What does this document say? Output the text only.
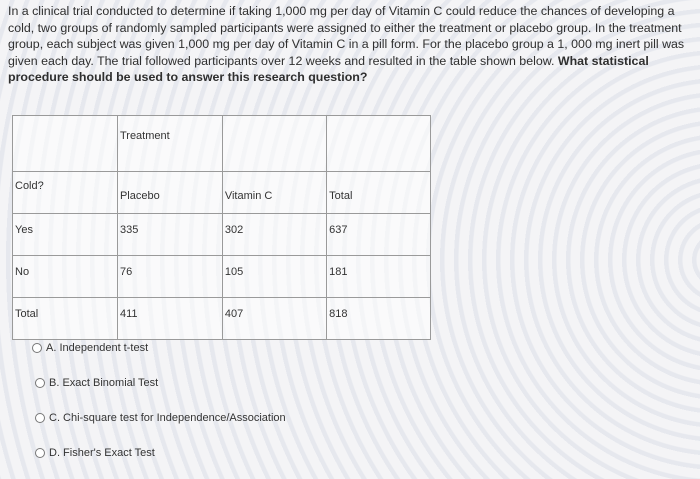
In a clinical trial conducted to determine if taking 1,000 mg per day of Vitamin C could reduce the chances of developing a cold, two groups of randomly sampled participants were assigned to either the treatment or placebo group. In the treatment group, each subject was given 1,000 mg per day of Vitamin C in a pill form. For the placebo group a 1, 000 mg inert pill was given each day. The trial followed participants over 12 weeks and resulted in the table shown below. What statistical procedure should be used to answer this research question?
	Treatment		
Cold?	Placebo	Vitamin C	Total
Yes	335	302	637
No	76	105	181
Total	411	407	818
A. Independent t-test
B. Exact Binomial Test
C. Chi-square test for Independence/Association
D. Fisher's Exact Test
